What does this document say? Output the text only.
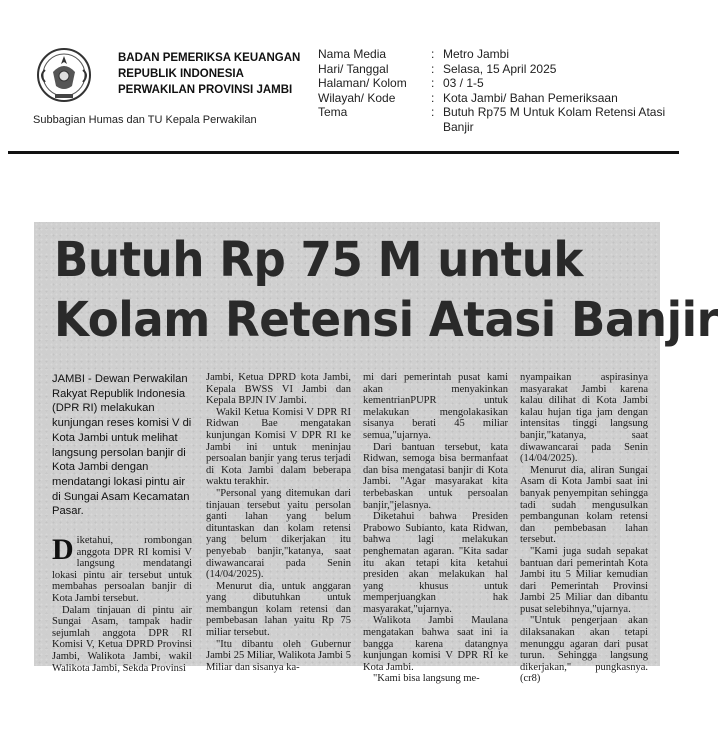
BADAN PEMERIKSA KEUANGAN
REPUBLIK INDONESIA
PERWAKILAN PROVINSI JAMBI
Subbagian Humas dan TU Kepala Perwakilan
Nama Media	: Metro Jambi
Hari/ Tanggal	: Selasa, 15 April 2025
Halaman/ Kolom	: 03 / 1-5
Wilayah/ Kode	: Kota Jambi/ Bahan Pemeriksaan
Tema	: Butuh Rp75 M Untuk Kolam Retensi Atasi Banjir
Butuh Rp 75 M untuk
Kolam Retensi Atasi Banjir

JAMBI - Dewan Perwakilan Rakyat Republik Indonesia (DPR RI) melakukan kunjungan reses komisi V di Kota Jambi untuk melihat langsung persolan banjir di Kota Jambi dengan mendatangi lokasi pintu air di Sungai Asam Kecamatan Pasar.

Diketahui, rombongan anggota DPR RI komisi V langsung mendatangi lokasi pintu air tersebut untuk membahas persoalan banjir di Kota Jambi tersebut.

Dalam tinjauan di pintu air Sungai Asam, tampak hadir sejumlah anggota DPR RI Komisi V, Ketua DPRD Provinsi Jambi, Walikota Jambi, wakil Walikota Jambi, Sekda Provinsi

Jambi, Ketua DPRD kota Jambi, Kepala BWSS VI Jambi dan Kepala BPJN IV Jambi.

Wakil Ketua Komisi V DPR RI Ridwan Bae mengatakan kunjungan Komisi V DPR RI ke Jambi ini untuk meninjau persoalan banjir yang terus terjadi di Kota Jambi dalam beberapa waktu terakhir.

"Personal yang ditemukan dari tinjauan tersebut yaitu persolan ganti lahan yang belum dituntaskan dan kolam retensi yang belum dikerjakan itu penyebab banjir,"katanya, saat diwawancarai pada Senin (14/04/2025).

Menurut dia, untuk anggaran yang dibutuhkan untuk membangun kolam retensi dan pembebasan lahan yaitu Rp 75 miliar tersebut.

"Itu dibantu oleh Gubernur Jambi 25 Miliar, Walikota Jambi 5 Miliar dan sisanya ka-

mi dari pemerintah pusat kami akan menyakinkan kementrianPUPR untuk melakukan mengolakasikan sisanya berati 45 miliar semua,"ujarnya.

Dari bantuan tersebut, kata Ridwan, semoga bisa bermanfaat dan bisa mengatasi banjir di Kota Jambi. "Agar masyarakat kita terbebaskan untuk persoalan banjir,"jelasnya.

Diketahui bahwa Presiden Prabowo Subianto, kata Ridwan, bahwa lagi melakukan penghematan agaran. "Kita sadar itu akan tetapi kita ketahui presiden akan melakukan hal yang khusus untuk memperjuangkan hak masyarakat,"ujarnya.

Walikota Jambi Maulana mengatakan bahwa saat ini ia bangga karena datangnya kunjungan komisi V DPR RI ke Kota Jambi.

"Kami bisa langsung me-

nyampaikan aspirasinya masyarakat Jambi karena kalau dilihat di Kota Jambi kalau hujan tiga jam dengan intensitas tinggi langsung banjir,"katanya, saat diwawancarai pada Senin (14/04/2025).

Menurut dia, aliran Sungai Asam di Kota Jambi saat ini banyak penyempitan sehingga tadi sudah mengusulkan pembangunan kolam retensi dan pembebasan lahan tersebut.

"Kami juga sudah sepakat bantuan dari pemerintah Kota Jambi itu 5 Miliar kemudian dari Pemerintah Provinsi Jambi 25 Miliar dan dibantu pusat selebihnya,"ujarnya.

"Untuk pengerjaan akan dilaksanakan akan tetapi menunggu agaran dari pusat turun. Sehingga langsung dikerjakan," pungkasnya. (cr8)
